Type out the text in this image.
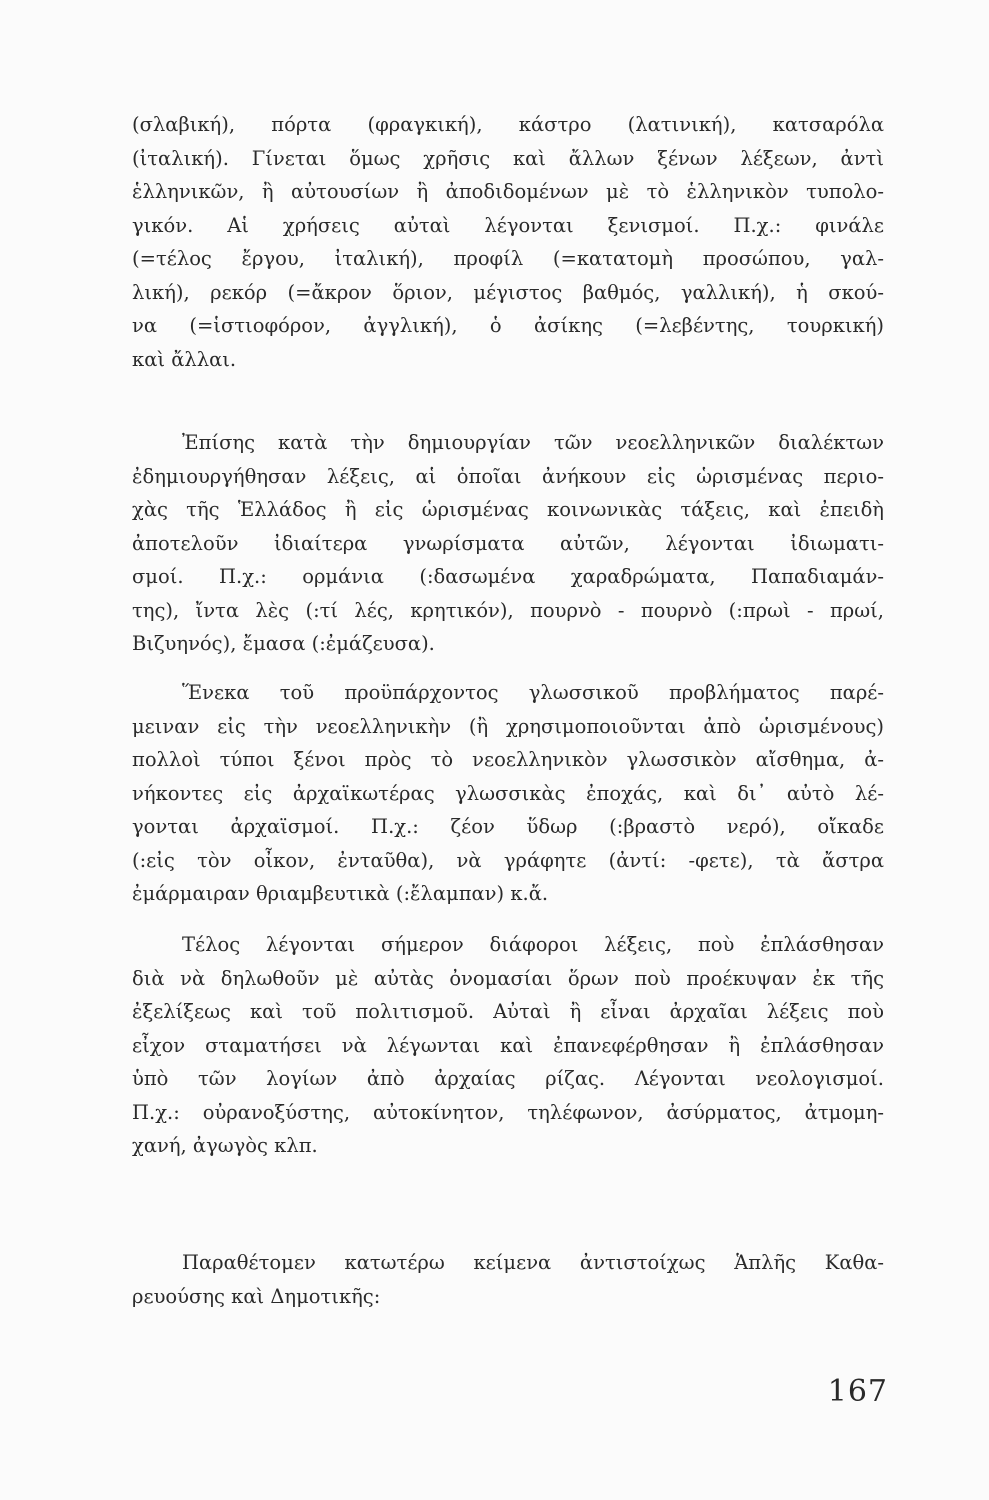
(σλαβική), πόρτα (φραγκική), κάστρο (λατινική), κατσαρόλα
(ἰταλική). Γίνεται ὅμως χρῆσις καὶ ἄλλων ξένων λέξεων, ἀντὶ
ἑλληνικῶν, ἢ αὐτουσίων ἢ ἀποδιδομένων μὲ τὸ ἑλληνικὸν τυπολο-
γικόν. Αἱ χρήσεις αὐταὶ λέγονται ξενισμοί. Π.χ.: φινάλε
(=τέλος ἔργου, ἰταλική), προφίλ (=κατατομὴ προσώπου, γαλ-
λική), ρεκόρ (=ἄκρον ὅριον, μέγιστος βαθμός, γαλλική), ἡ σκού-
να (=ἱστιοφόρον, ἀγγλική), ὁ ἀσίκης (=λεβέντης, τουρκική)
καὶ ἄλλαι.
Ἐπίσης κατὰ τὴν δημιουργίαν τῶν νεοελληνικῶν διαλέκτων
ἐδημιουργήθησαν λέξεις, αἱ ὁποῖαι ἀνήκουν εἰς ὡρισμένας περιο-
χὰς τῆς Ἑλλάδος ἢ εἰς ὡρισμένας κοινωνικὰς τάξεις, καὶ ἐπειδὴ
ἀποτελοῦν ἰδιαίτερα γνωρίσματα αὐτῶν, λέγονται ἰδιωματι-
σμοί. Π.χ.: ορμάνια (:δασωμένα χαραδρώματα, Παπαδιαμάν-
της), ἴντα λὲς (:τί λές, κρητικόν), πουρνὸ - πουρνὸ (:πρωὶ - πρωί,
Βιζυηνός), ἔμασα (:ἐμάζευσα).
Ἕνεκα τοῦ προϋπάρχοντος γλωσσικοῦ προβλήματος παρέ-
μειναν εἰς τὴν νεοελληνικὴν (ἢ χρησιμοποιοῦνται ἀπὸ ὡρισμένους)
πολλοὶ τύποι ξένοι πρὸς τὸ νεοελληνικὸν γλωσσικὸν αἴσθημα, ἀ-
νήκοντες εἰς ἀρχαϊκωτέρας γλωσσικὰς ἐποχάς, καὶ δι᾿ αὐτὸ λέ-
γονται ἀρχαϊσμοί. Π.χ.: ζέον ὕδωρ (:βραστὸ νερό), οἴκαδε
(:εἰς τὸν οἶκον, ἐνταῦθα), νὰ γράφητε (ἀντί: -φετε), τὰ ἄστρα
ἐμάρμαιραν θριαμβευτικὰ (:ἔλαμπαν) κ.ἄ.
Τέλος λέγονται σήμερον διάφοροι λέξεις, ποὺ ἐπλάσθησαν
διὰ νὰ δηλωθοῦν μὲ αὐτὰς ὀνομασίαι ὅρων ποὺ προέκυψαν ἐκ τῆς
ἐξελίξεως καὶ τοῦ πολιτισμοῦ. Αὐταὶ ἢ εἶναι ἀρχαῖαι λέξεις ποὺ
εἶχον σταματήσει νὰ λέγωνται καὶ ἐπανεφέρθησαν ἢ ἐπλάσθησαν
ὑπὸ τῶν λογίων ἀπὸ ἀρχαίας ρίζας. Λέγονται νεολογισμοί.
Π.χ.: οὐρανοξύστης, αὐτοκίνητον, τηλέφωνον, ἀσύρματος, ἀτμομη-
χανή, ἀγωγὸς κλπ.
Παραθέτομεν κατωτέρω κείμενα ἀντιστοίχως Ἁπλῆς Καθα-
ρευούσης καὶ Δημοτικῆς:
167
